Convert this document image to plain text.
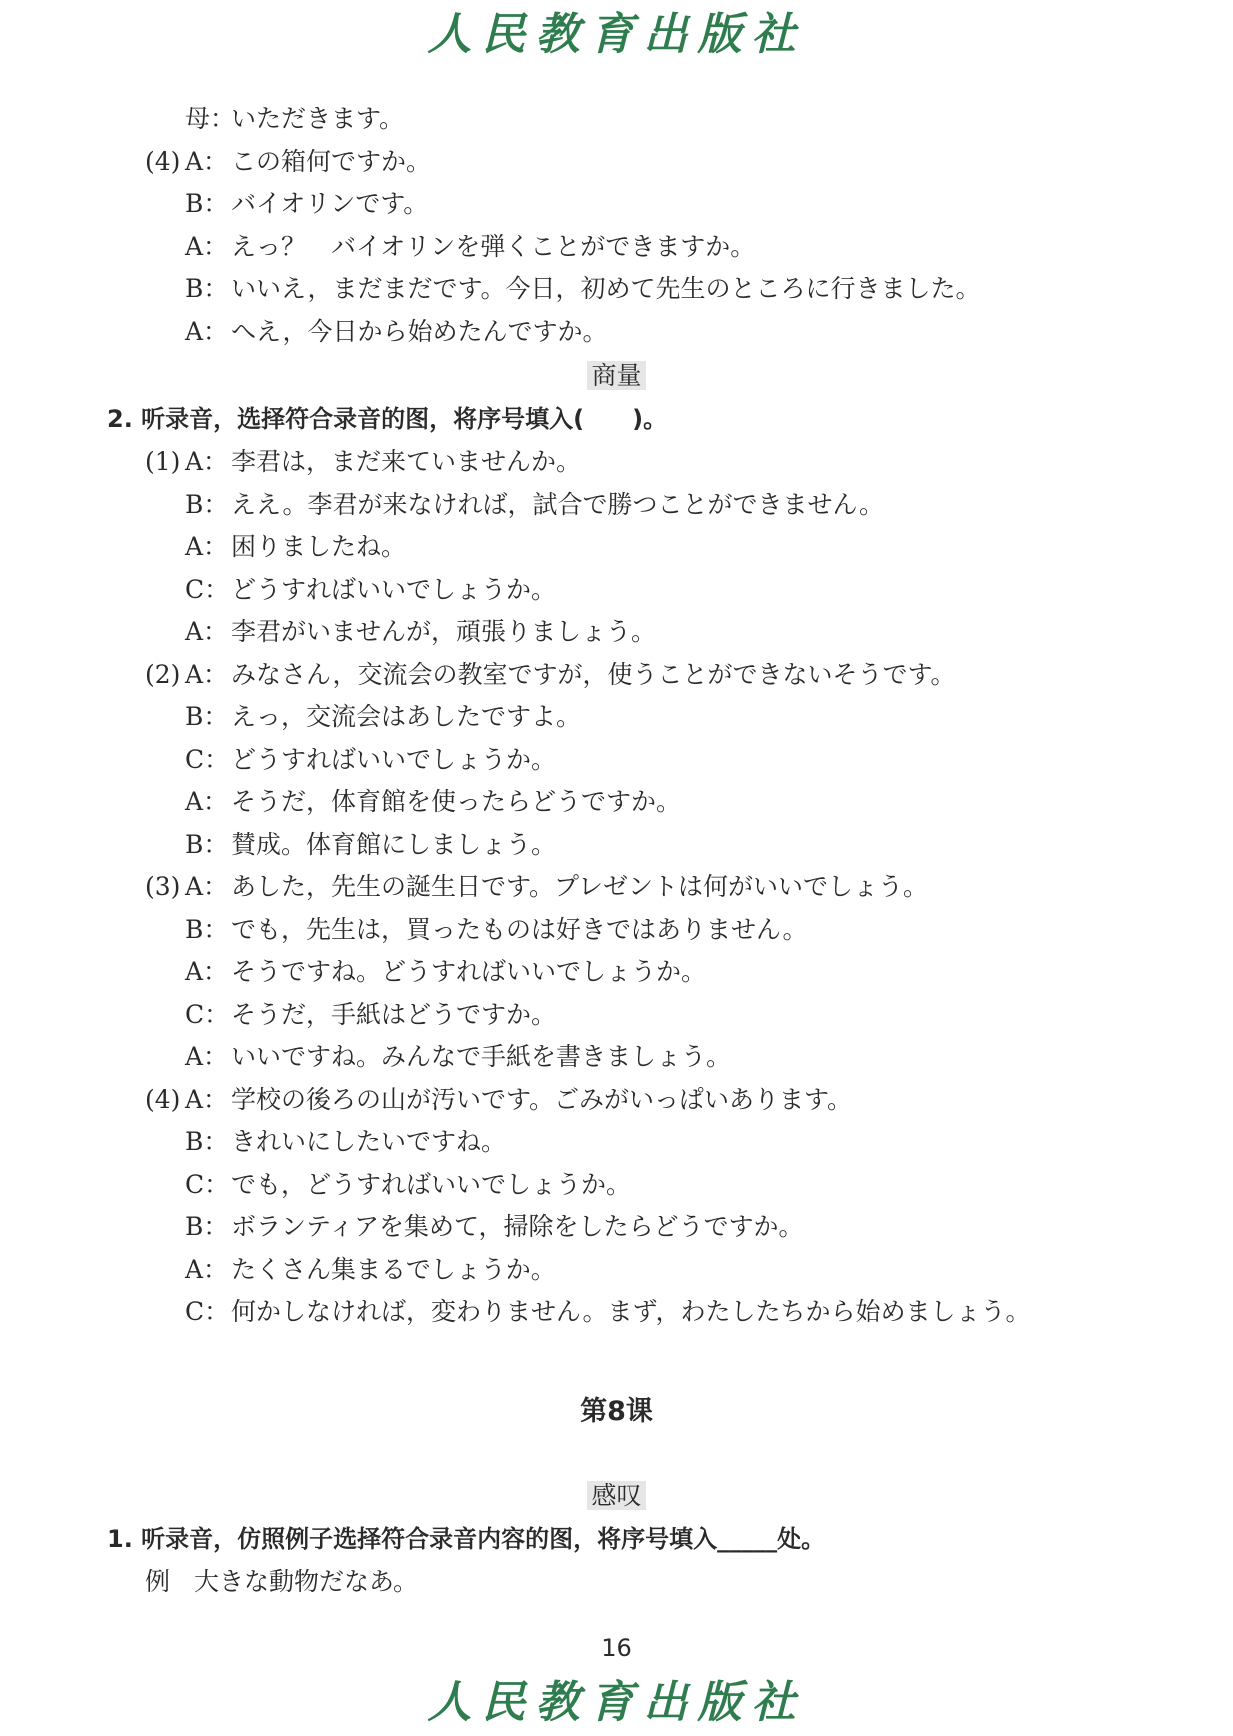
人民教育出版社
母：いただきます。
(4) A： この箱何ですか。
B： バイオリンです。
A： えっ？　バイオリンを弾くことができますか。
B： いいえ，まだまだです。今日，初めて先生のところに行きました。
A： へえ，今日から始めたんですか。
商量
2. 听录音，选择符合录音的图，将序号填入(　　)。
(1) A： 李君は，まだ来ていませんか。
B： ええ。李君が来なければ，試合で勝つことができません。
A： 困りましたね。
C：どうすればいいでしょうか。
A： 李君がいませんが，頑張りましょう。
(2) A： みなさん，交流会の教室ですが，使うことができないそうです。
B： えっ，交流会はあしたですよ。
C：どうすればいいでしょうか。
A： そうだ，体育館を使ったらどうですか。
B： 賛成。体育館にしましょう。
(3) A： あした，先生の誕生日です。プレゼントは何がいいでしょう。
B： でも，先生は，買ったものは好きではありません。
A： そうですね。どうすればいいでしょうか。
C：そうだ，手紙はどうですか。
A： いいですね。みんなで手紙を書きましょう。
(4) A： 学校の後ろの山が汚いです。ごみがいっぱいあります。
B： きれいにしたいですね。
C：でも，どうすればいいでしょうか。
B： ボランティアを集めて，掃除をしたらどうですか。
A： たくさん集まるでしょうか。
C：何かしなければ，変わりません。まず，わたしたちから始めましょう。
第8课
感叹
1. 听录音，仿照例子选择符合录音内容的图，将序号填入_____处。
例 大きな動物だなあ。
16
人民教育出版社
